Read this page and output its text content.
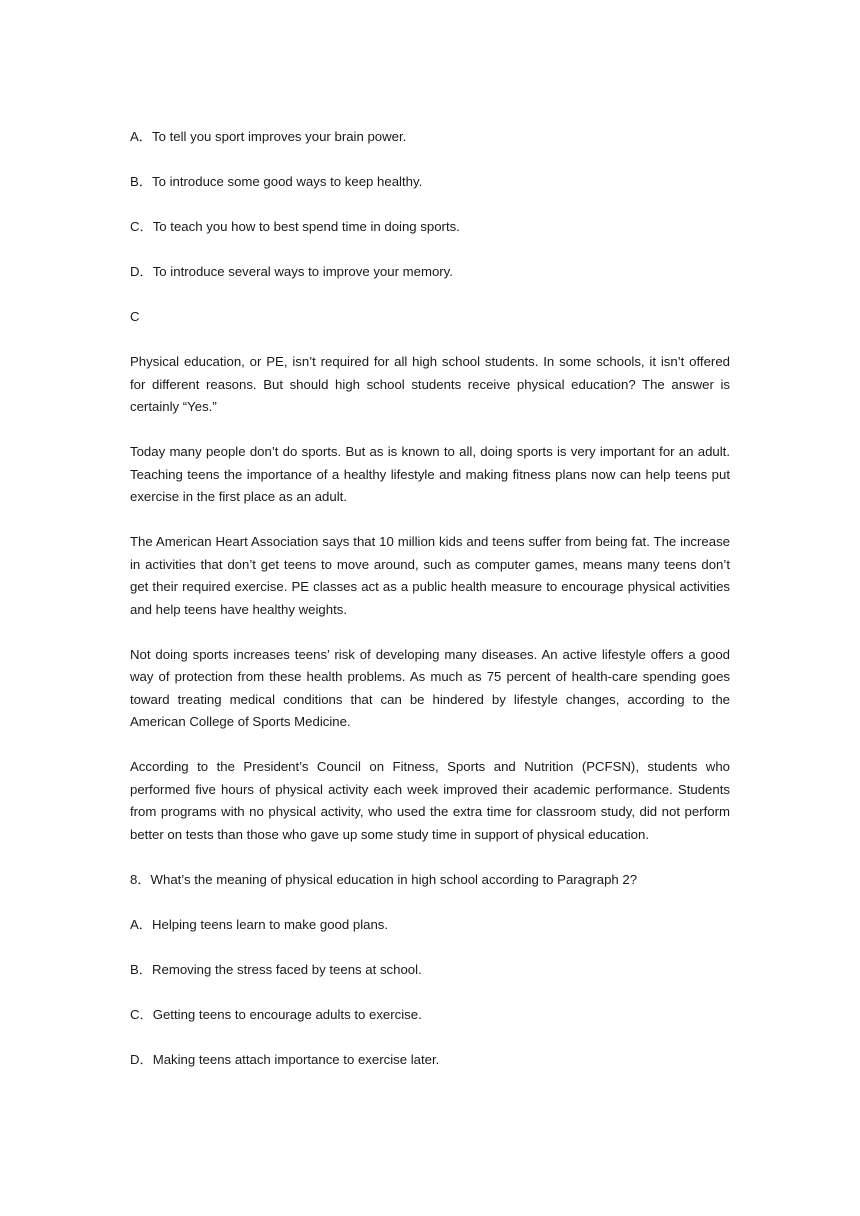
A．To tell you sport improves your brain power.
B．To introduce some good ways to keep healthy.
C．To teach you how to best spend time in doing sports.
D．To introduce several ways to improve your memory.
C

Physical education, or PE, isn’t required for all high school students. In some schools, it isn’t offered for different reasons. But should high school students receive physical education? The answer is certainly “Yes.”

Today many people don’t do sports. But as is known to all, doing sports is very important for an adult. Teaching teens the importance of a healthy lifestyle and making fitness plans now can help teens put exercise in the first place as an adult.

The American Heart Association says that 10 million kids and teens suffer from being fat. The increase in activities that don’t get teens to move around, such as computer games, means many teens don’t get their required exercise. PE classes act as a public health measure to encourage physical activities and help teens have healthy weights.

Not doing sports increases teens’ risk of developing many diseases. An active lifestyle offers a good way of protection from these health problems. As much as 75 percent of health-care spending goes toward treating medical conditions that can be hindered by lifestyle changes, according to the American College of Sports Medicine.

According to the President’s Council on Fitness, Sports and Nutrition (PCFSN), students who performed five hours of physical activity each week improved their academic performance. Students from programs with no physical activity, who used the extra time for classroom study, did not perform better on tests than those who gave up some study time in support of physical education.

8．What’s the meaning of physical education in high school according to Paragraph 2?
A．Helping teens learn to make good plans.
B．Removing the stress faced by teens at school.
C．Getting teens to encourage adults to exercise.
D．Making teens attach importance to exercise later.
